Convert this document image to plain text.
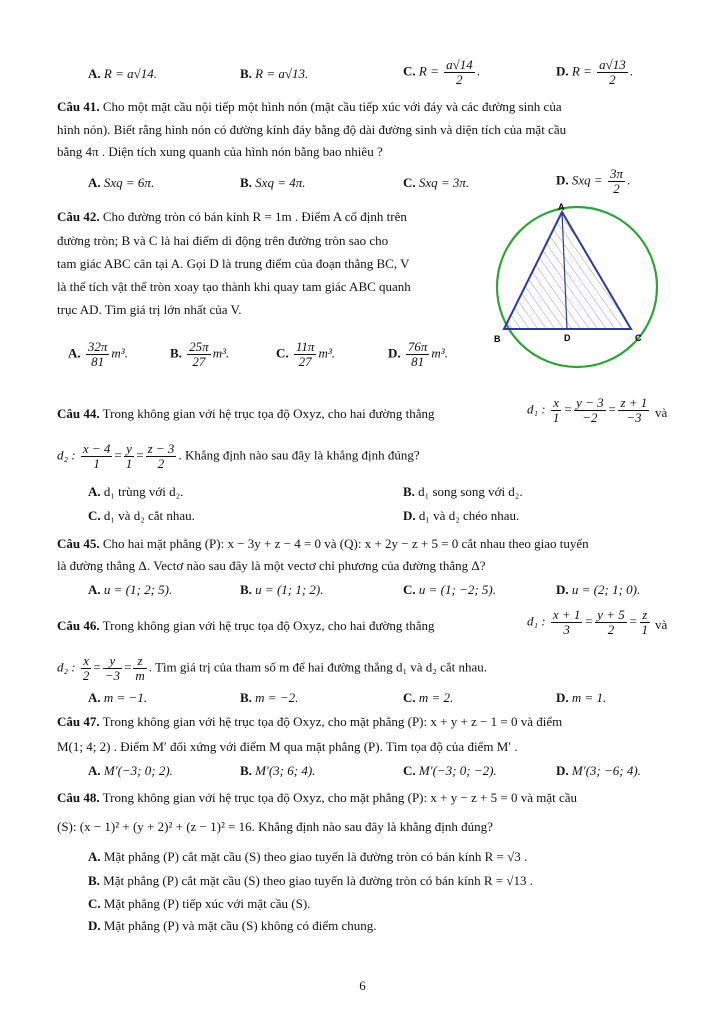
A. R = a√14.	B. R = a√13.	C. $R = \frac{a√14}{2}$ .	D. $R = \frac{a√13}{2}$ .
Câu 41. Cho một mặt cầu nội tiếp một hình nón (mặt cầu tiếp xúc với đáy và các đường sinh của
hình nón). Biết rằng hình nón có đường kính đáy bằng độ dài đường sinh và diện tích của mặt cầu
bằng 4π . Diện tích xung quanh của hình nón bằng bao nhiêu ?
A. Sxq = 6π.	B. Sxq = 4π.	C. Sxq = 3π.	D. Sxq = $\frac{3\pi}{2}$ .
Câu 42. Cho đường tròn có bán kính R = 1m . Điểm A cố định trên
đường tròn; B và C là hai điểm di động trên đường tròn sao cho
tam giác ABC cân tại A. Gọi D là trung điểm của đoạn thẳng BC, V
là thể tích vật thể tròn xoay tạo thành khi quay tam giác ABC quanh
trục AD. Tìm giá trị lớn nhất của V.
A. $\frac{32\pi}{81} m^3$.	B. $\frac{25\pi}{27} m^3$.	C. $\frac{11\pi}{27} m^3$.	D. $\frac{76\pi}{81} m^3$.
A
B	C
D
Câu 44. Trong không gian với hệ trục tọa độ Oxyz, cho hai đường thẳng	d₁ : $\frac{x}{1} = \frac{y - 3}{-2} = \frac{z + 1}{-3}$ và
d₂ : $\frac{x - 4}{1} = \frac{y}{1} = \frac{z - 3}{2}$ . Khẳng định nào sau đây là khẳng định đúng?
A. d₁ trùng với d₂.	B. d₁ song song với d₂.
C. d₁ và d₂ cắt nhau.	D. d₁ và d₂ chéo nhau.
Câu 45. Cho hai mặt phẳng (P): x − 3y + z − 4 = 0 và (Q): x + 2y − z + 5 = 0 cắt nhau theo giao tuyến
là đường thẳng Δ. Vectơ nào sau đây là một vectơ chỉ phương của đường thẳng Δ?
A. u = (1; 2; 5).	B. u = (1; 1; 2).	C. u = (1; −2; 5).	D. u = (2; 1; 0).
Câu 46. Trong không gian với hệ trục tọa độ Oxyz, cho hai đường thẳng	d₁ : $\frac{x + 1}{3} = \frac{y + 5}{2} = \frac{z}{1}$ và
d₂ : $\frac{x}{2} = \frac{y}{-3} = \frac{z}{m}$ . Tìm giá trị của tham số m để hai đường thẳng d₁ và d₂ cắt nhau.
A. m = −1.	B. m = −2.	C. m = 2.	D. m = 1.
Câu 47. Trong không gian với hệ trục tọa độ Oxyz, cho mặt phẳng (P): x + y + z − 1 = 0 và điểm
M(1; 4; 2) . Điểm M′ đối xứng với điểm M qua mặt phẳng (P). Tìm tọa độ của điểm M′ .
A. M′(−3; 0; 2).	B. M′(3; 6; 4).	C. M′(−3; 0; −2).	D. M′(3; −6; 4).
Câu 48. Trong không gian với hệ trục tọa độ Oxyz, cho mặt phẳng (P): x + y − z + 5 = 0 và mặt cầu
(S): (x − 1)² + (y + 2)² + (z − 1)² = 16. Khẳng định nào sau đây là khẳng định đúng?
A. Mặt phẳng (P) cắt mặt cầu (S) theo giao tuyến là đường tròn có bán kính R = √3 .
B. Mặt phẳng (P) cắt mặt cầu (S) theo giao tuyến là đường tròn có bán kính R = √13 .
C. Mặt phẳng (P) tiếp xúc với mặt cầu (S).
D. Mặt phẳng (P) và mặt cầu (S) không có điểm chung.
6
